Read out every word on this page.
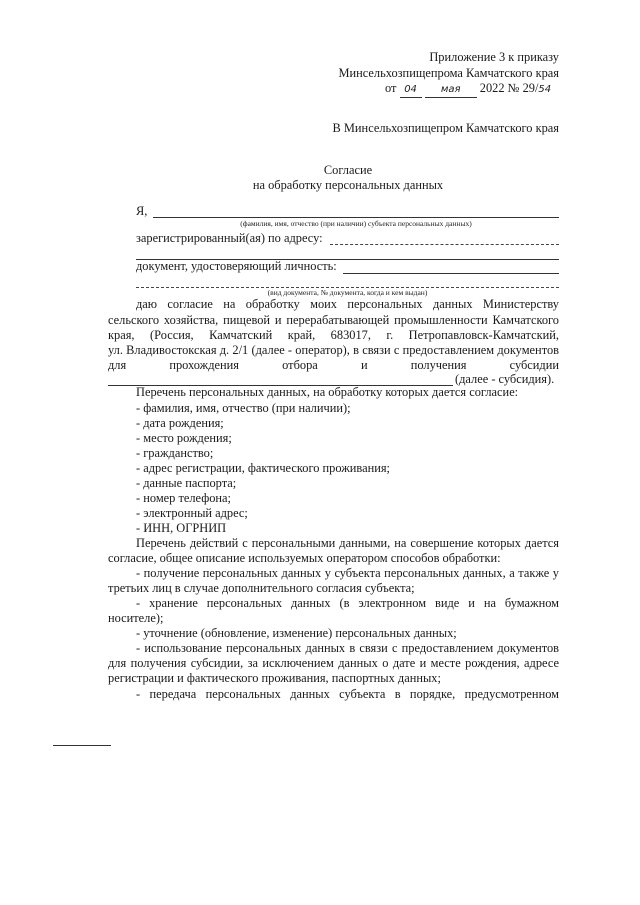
Приложение 3 к приказу
Минсельхозпищепрома Камчатского края
от 04 мая 2022 № 29/54
В Минсельхозпищепром Камчатского края
Согласие
на обработку персональных данных
Я,
(фамилия, имя, отчество (при наличии) субъекта персональных данных)
зарегистрированный(ая) по адресу:
документ, удостоверяющий личность:
(вид документа, № документа, когда и кем выдан)
даю согласие на обработку моих персональных данных Министерству
сельского хозяйства, пищевой и перерабатывающей промышленности Камчатского
края, (Россия, Камчатский край, 683017, г. Петропавловск-Камчатский,
ул. Владивостокская д. 2/1 (далее - оператор), в связи с предоставлением документов
для прохождения отбора и получения субсидии
(далее - субсидия).
Перечень персональных данных, на обработку которых дается согласие:
- фамилия, имя, отчество (при наличии);
- дата рождения;
- место рождения;
- гражданство;
- адрес регистрации, фактического проживания;
- данные паспорта;
- номер телефона;
- электронный адрес;
- ИНН, ОГРНИП
Перечень действий с персональными данными, на совершение которых дается
согласие, общее описание используемых оператором способов обработки:
- получение персональных данных у субъекта персональных данных, а также у
третьих лиц в случае дополнительного согласия субъекта;
- хранение персональных данных (в электронном виде и на бумажном
носителе);
- уточнение (обновление, изменение) персональных данных;
- использование персональных данных в связи с предоставлением документов
для получения субсидии, за исключением данных о дате и месте рождения, адресе
регистрации и фактического проживания, паспортных данных;
- передача персональных данных субъекта в порядке, предусмотренном
